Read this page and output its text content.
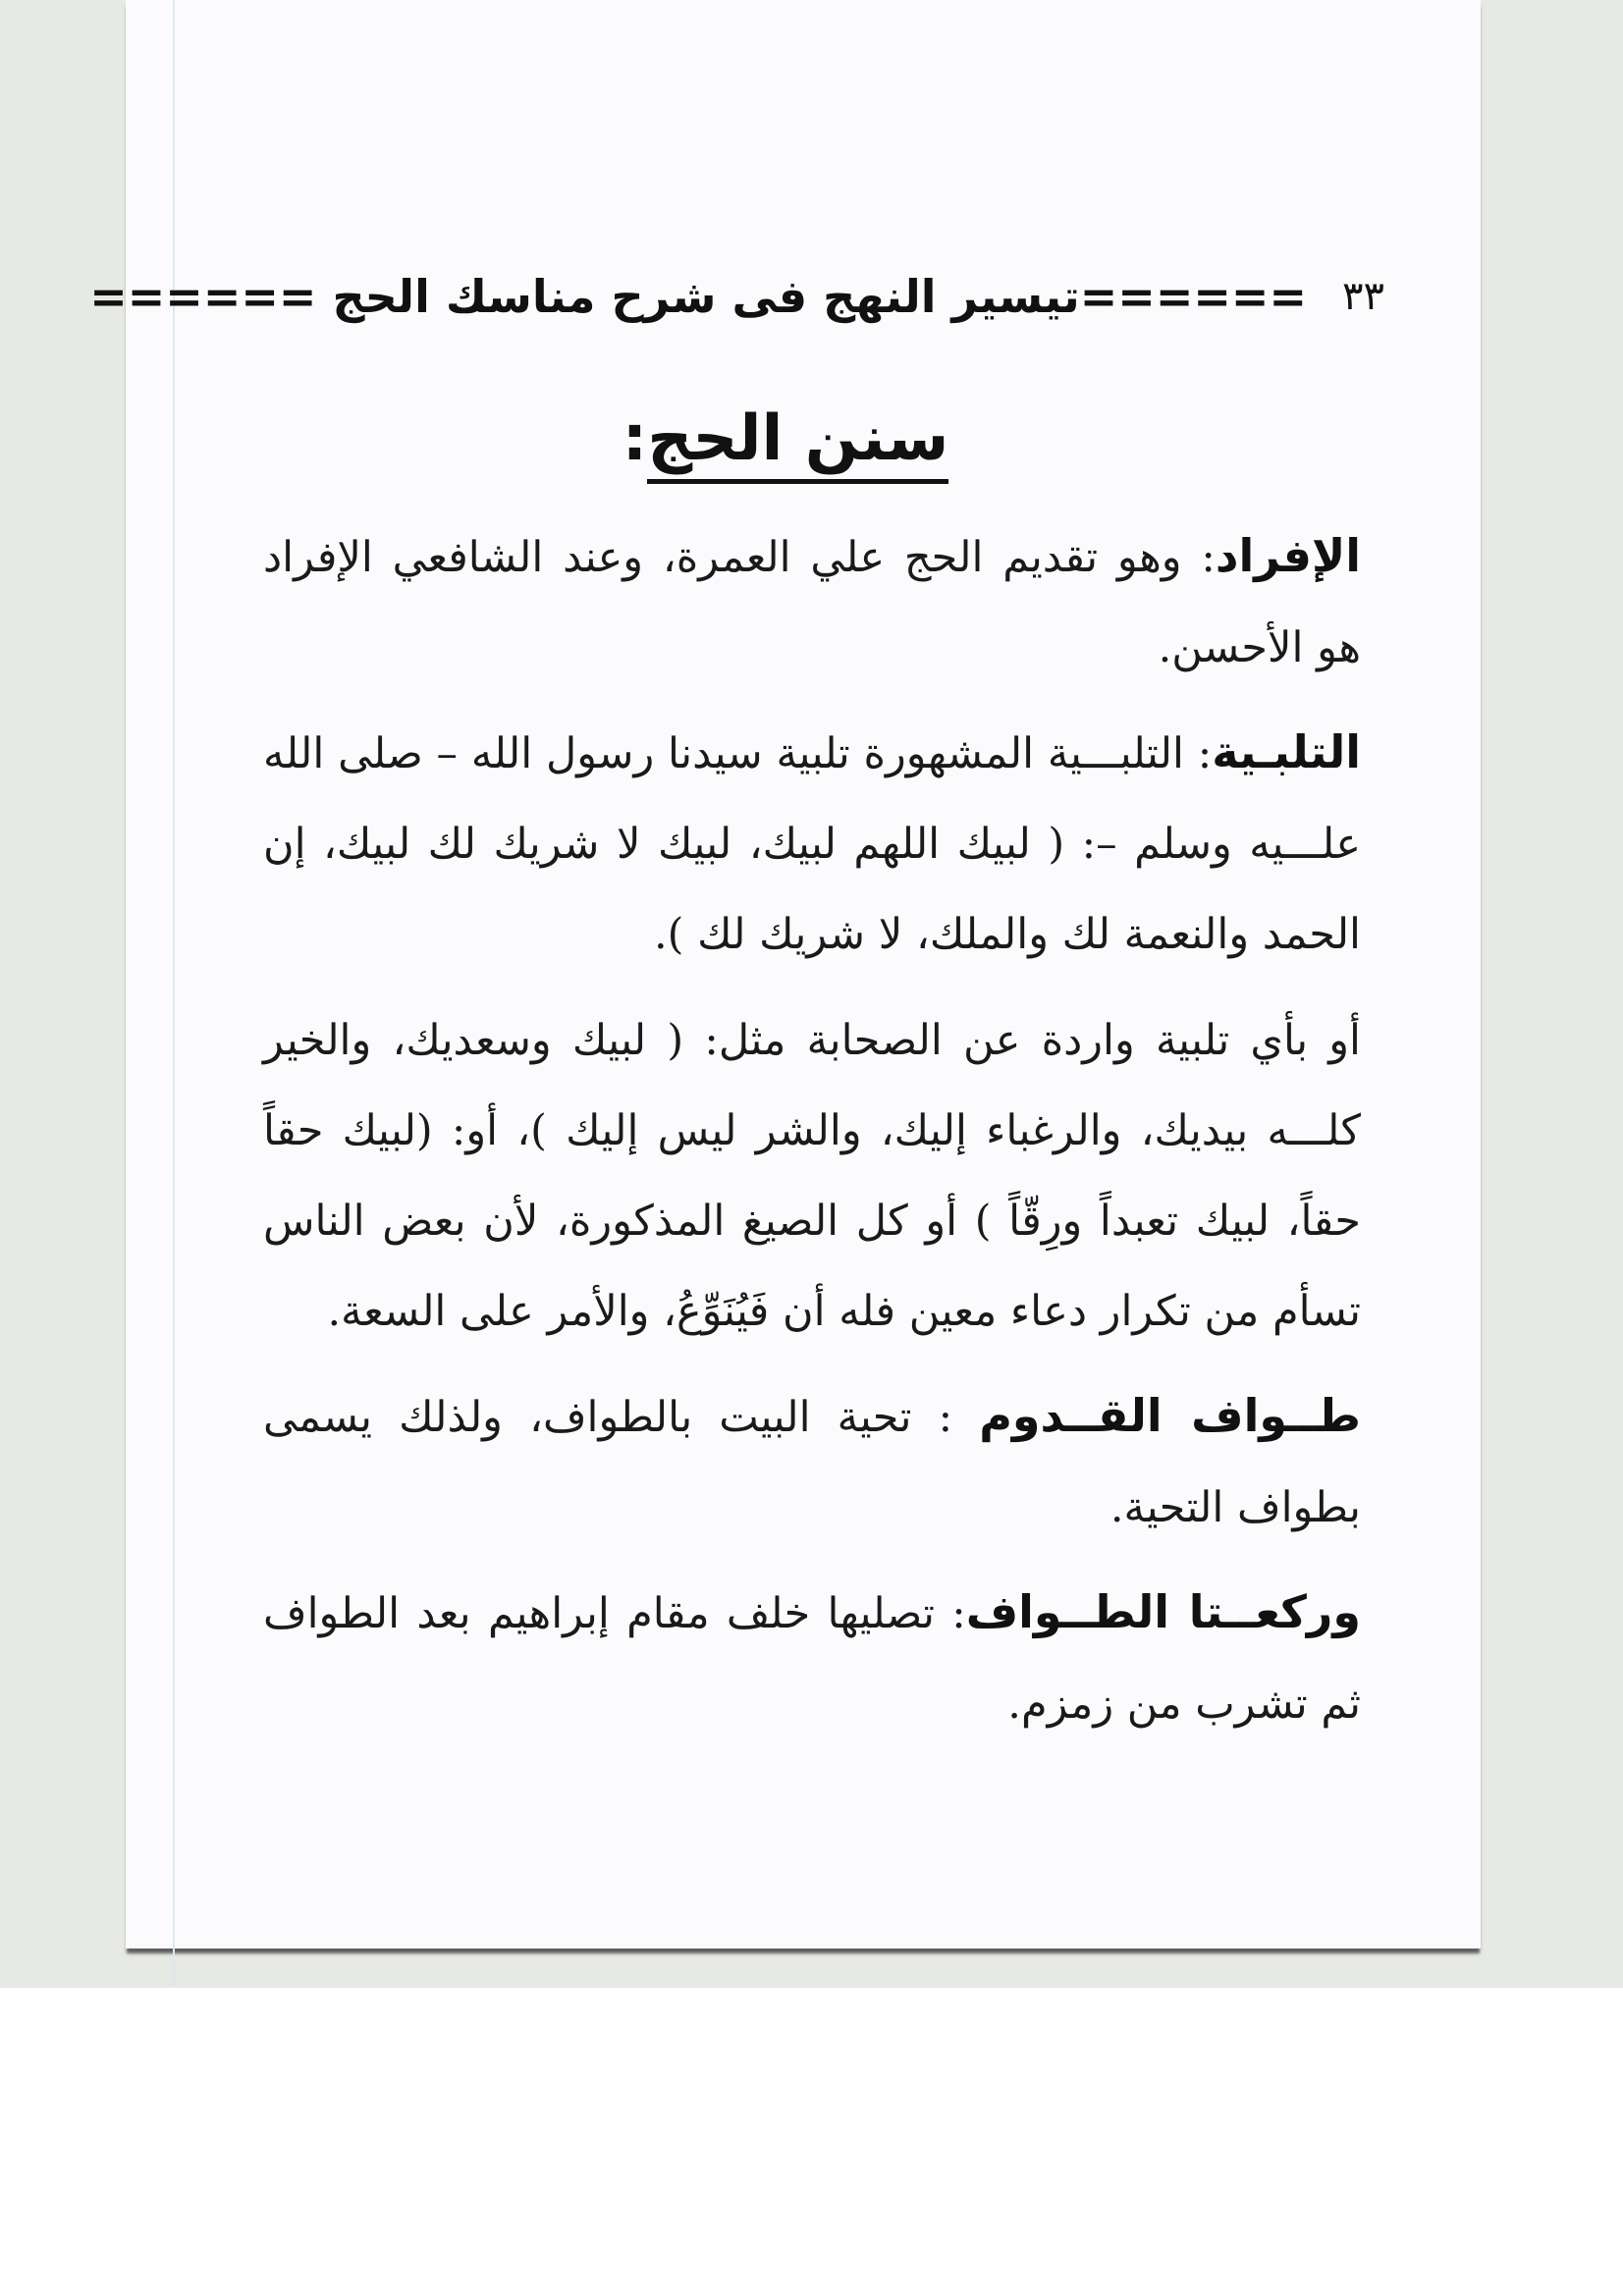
٣٣
======تيسير النهج فى شرح مناسك الحج ======
سنن الحج:

الإفراد: وهو تقديم الحج علي العمرة، وعند الشافعي الإفراد هو الأحسن.

التلبـية: التلبـــية المشهورة تلبية سيدنا رسول الله – صلى الله علـــيه وسلم –: ( لبيك اللهم لبيك، لبيك لا شريك لك لبيك، إن الحمد والنعمة لك والملك، لا شريك لك ).

أو بأي تلبية واردة عن الصحابة مثل: ( لبيك وسعديك، والخير كلـــه بيديك، والرغباء إليك، والشر ليس إليك )، أو: (لبيك حقاً حقاً، لبيك تعبداً ورِقّاً ) أو كل الصيغ المذكورة، لأن بعض الناس تسأم من تكرار دعاء معين فله أن فَيُنَوِّعُ، والأمر على السعة.

طــواف القــدوم : تحية البيت بالطواف، ولذلك يسمى بطواف التحية.

وركعــتا الطــواف: تصليها خلف مقام إبراهيم بعد الطواف ثم تشرب من زمزم.
